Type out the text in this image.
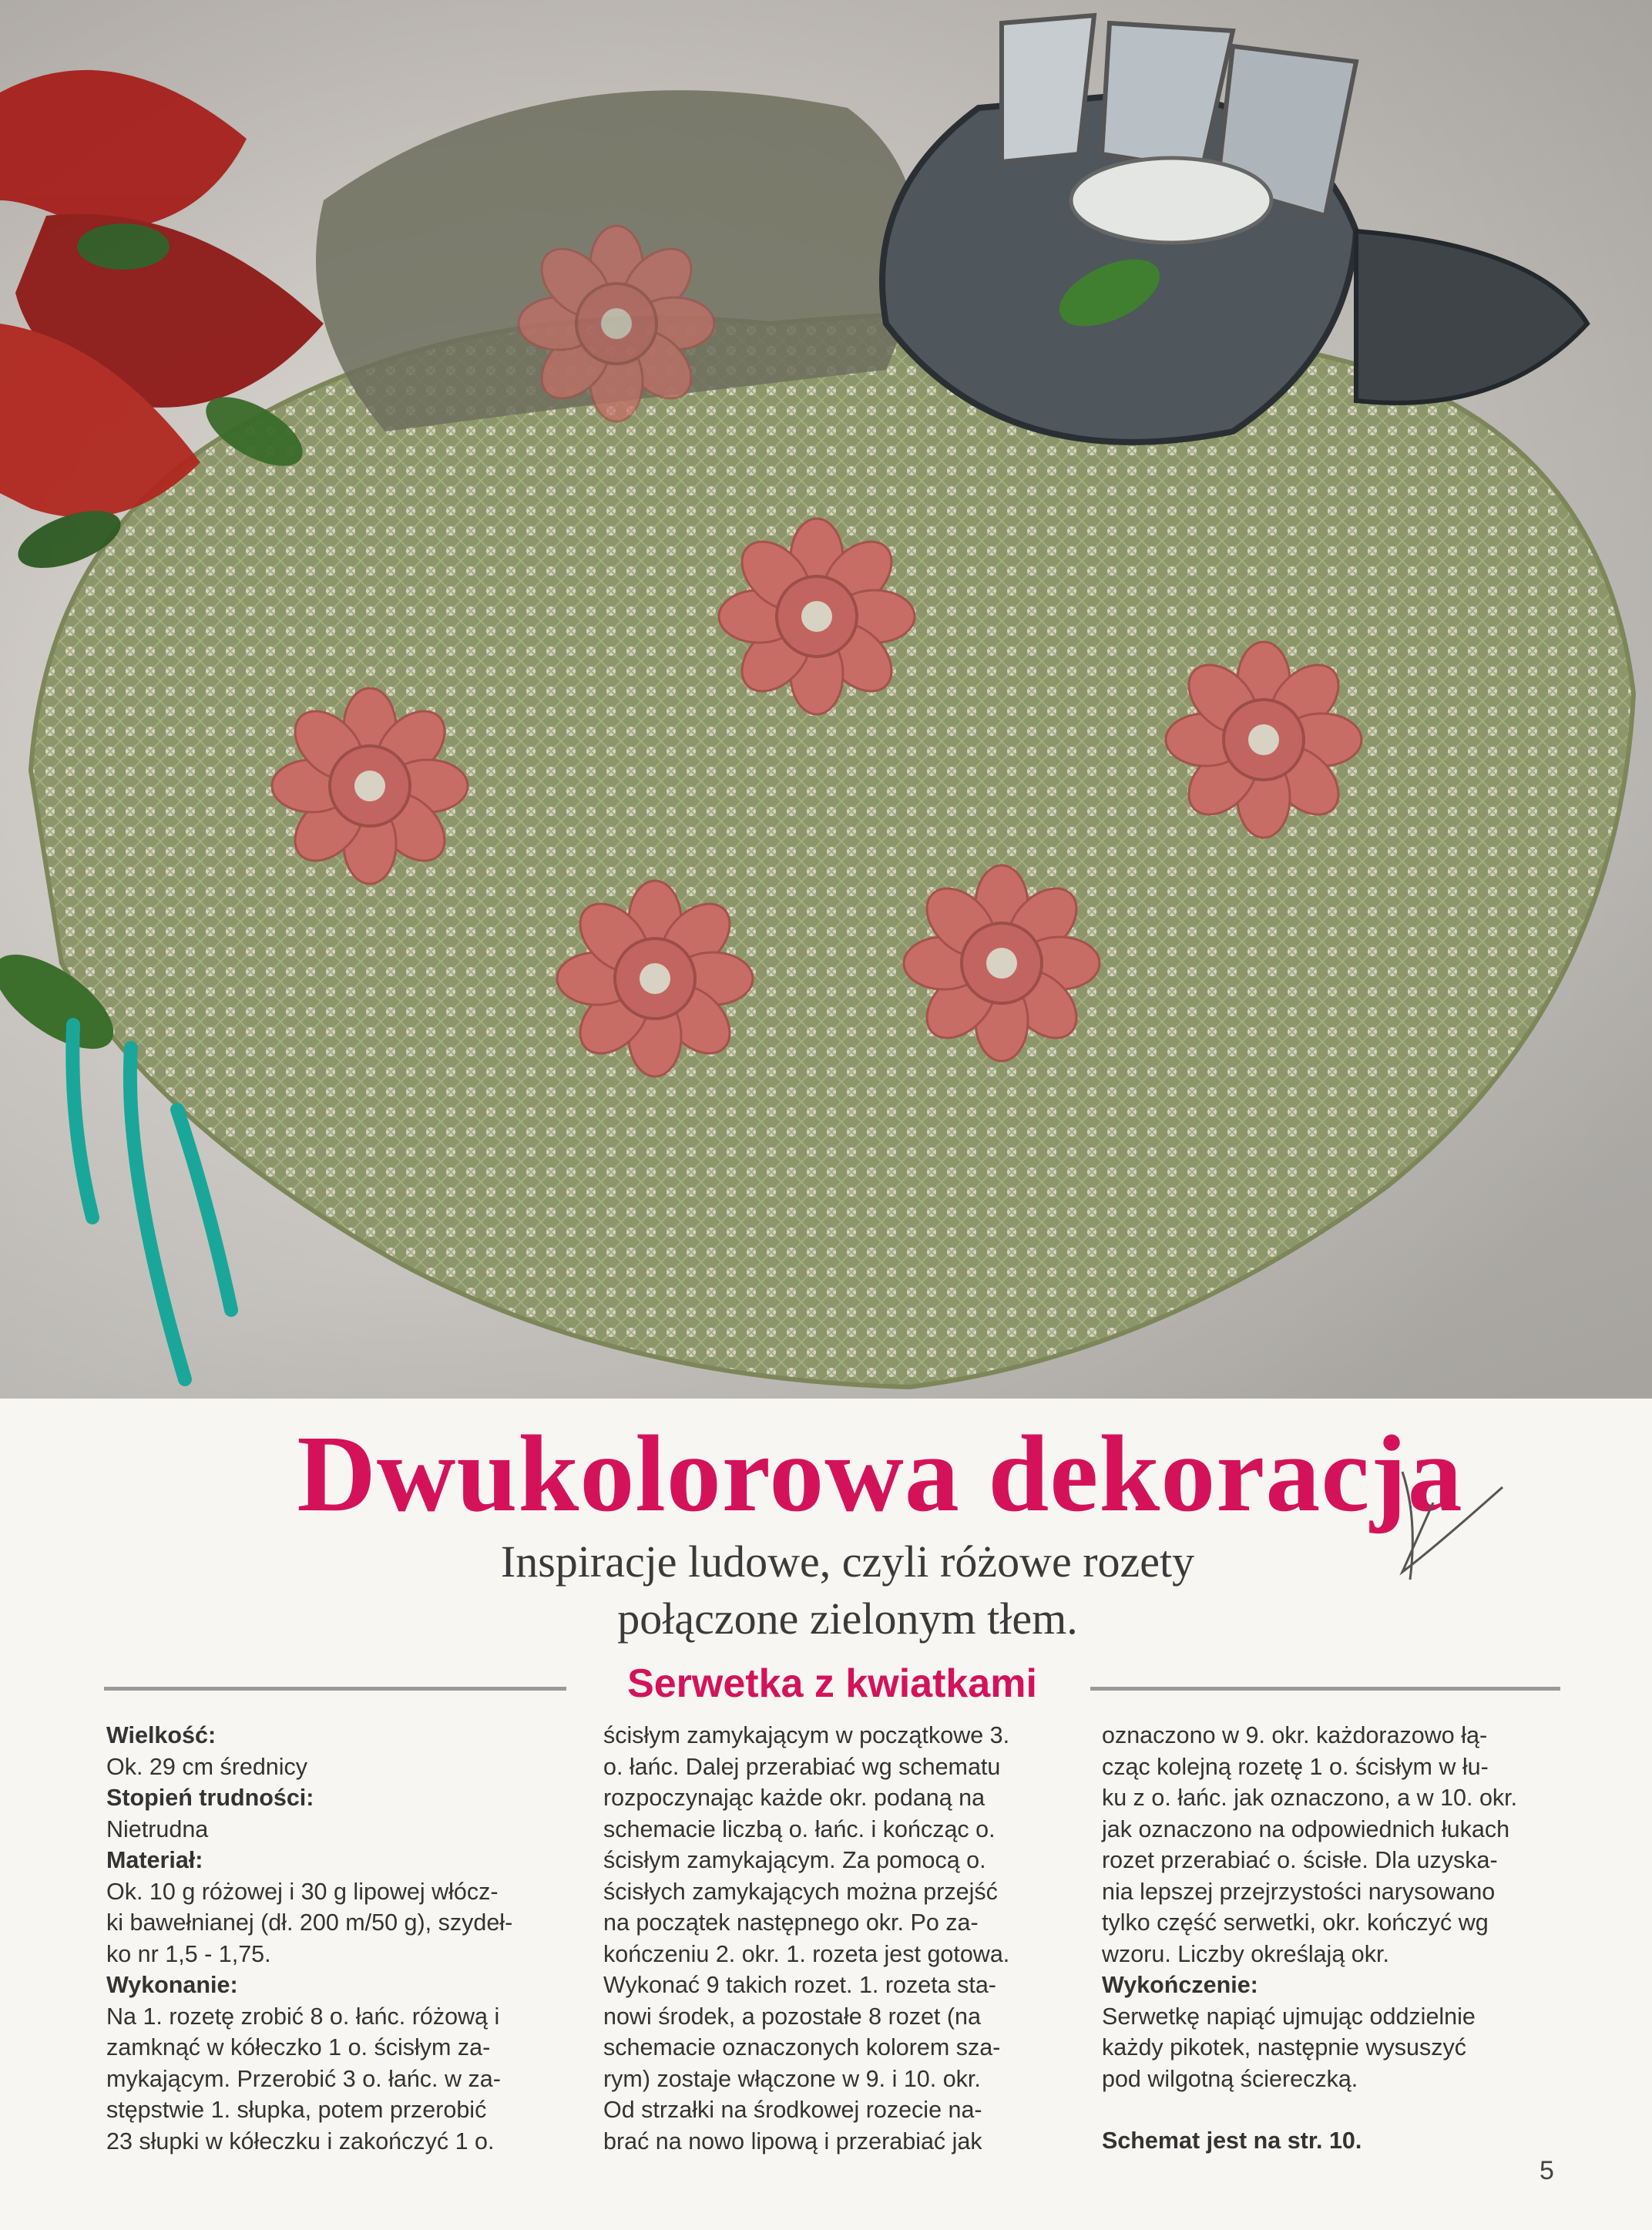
Dwukolorowa dekoracja
Inspiracje ludowe, czyli różowe rozety
połączone zielonym tłem.
Serwetka z kwiatkami

Wielkość:

Ok. 29 cm średnicy

Stopień trudności:

Nietrudna

Materiał:

Ok. 10 g różowej i 30 g lipowej włócz-

ki bawełnianej (dł. 200 m/50 g), szydeł-

ko nr 1,5 - 1,75.

Wykonanie:

Na 1. rozetę zrobić 8 o. łańc. różową i

zamknąć w kółeczko 1 o. ścisłym za-

mykającym. Przerobić 3 o. łańc. w za-

stępstwie 1. słupka, potem przerobić

23 słupki w kółeczku i zakończyć 1 o.

ścisłym zamykającym w początkowe 3.

o. łańc. Dalej przerabiać wg schematu

rozpoczynając każde okr. podaną na

schemacie liczbą o. łańc. i kończąc o.

ścisłym zamykającym. Za pomocą o.

ścisłych zamykających można przejść

na początek następnego okr. Po za-

kończeniu 2. okr. 1. rozeta jest gotowa.

Wykonać 9 takich rozet. 1. rozeta sta-

nowi środek, a pozostałe 8 rozet (na

schemacie oznaczonych kolorem sza-

rym) zostaje włączone w 9. i 10. okr.

Od strzałki na środkowej rozecie na-

brać na nowo lipową i przerabiać jak

oznaczono w 9. okr. każdorazowo łą-

cząc kolejną rozetę 1 o. ścisłym w łu-

ku z o. łańc. jak oznaczono, a w 10. okr.

jak oznaczono na odpowiednich łukach

rozet przerabiać o. ścisłe. Dla uzyska-

nia lepszej przejrzystości narysowano

tylko część serwetki, okr. kończyć wg

wzoru. Liczby określają okr.

Wykończenie:

Serwetkę napiąć ujmując oddzielnie

każdy pikotek, następnie wysuszyć

pod wilgotną ściereczką.

Schemat jest na str. 10.

5
